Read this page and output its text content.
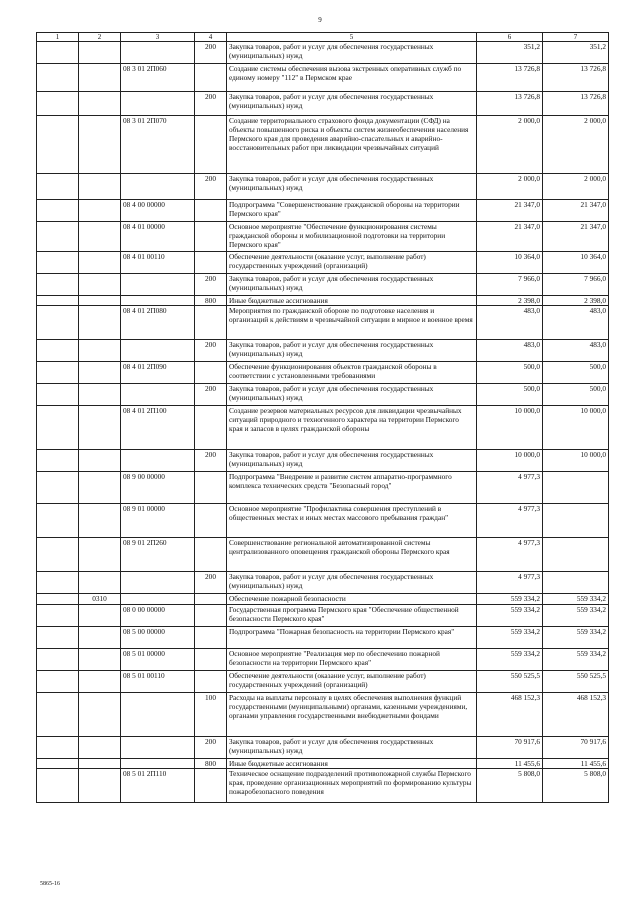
9
1	2	3	4	5	6	7
			200	Закупка товаров, работ и услуг для обеспечения государственных (муниципальных) нужд	351,2	351,2
		08 3 01 2П060		Создание системы обеспечения вызова экстренных оперативных служб по единому номеру "112" в Пермском крае	13 726,8	13 726,8
			200	Закупка товаров, работ и услуг для обеспечения государственных (муниципальных) нужд	13 726,8	13 726,8
		08 3 01 2П070		Создание территориального страхового фонда документации (СФД) на объекты повышенного риска и объекты систем жизнеобеспечения населения Пермского края для проведения аварийно-спасательных и аварийно-восстановительных работ при ликвидации чрезвычайных ситуаций	2 000,0	2 000,0
			200	Закупка товаров, работ и услуг для обеспечения государственных (муниципальных) нужд	2 000,0	2 000,0
		08 4 00 00000		Подпрограмма "Совершенствование гражданской обороны на территории Пермского края"	21 347,0	21 347,0
		08 4 01 00000		Основное мероприятие "Обеспечение функционирования системы гражданской обороны и мобилизационной подготовки на территории Пермского края"	21 347,0	21 347,0
		08 4 01 00110		Обеспечение деятельности (оказание услуг, выполнение работ) государственных учреждений (организаций)	10 364,0	10 364,0
			200	Закупка товаров, работ и услуг для обеспечения государственных (муниципальных) нужд	7 966,0	7 966,0
			800	Иные бюджетные ассигнования	2 398,0	2 398,0
		08 4 01 2П080		Мероприятия по гражданской обороне по подготовке населения и организаций к действиям в чрезвычайной ситуации в мирное и военное время	483,0	483,0
			200	Закупка товаров, работ и услуг для обеспечения государственных (муниципальных) нужд	483,0	483,0
		08 4 01 2П090		Обеспечение функционирования объектов гражданской обороны в соответствии с установленными требованиями	500,0	500,0
			200	Закупка товаров, работ и услуг для обеспечения государственных (муниципальных) нужд	500,0	500,0
		08 4 01 2П100		Создание резервов материальных ресурсов для ликвидации чрезвычайных ситуаций природного и техногенного характера на территории Пермского края и запасов в целях гражданской обороны	10 000,0	10 000,0
			200	Закупка товаров, работ и услуг для обеспечения государственных (муниципальных) нужд	10 000,0	10 000,0
		08 9 00 00000		Подпрограмма "Внедрение и развитие систем аппаратно-программного комплекса технических средств "Безопасный город"	4 977,3	
		08 9 01 00000		Основное мероприятие "Профилактика совершения преступлений в общественных местах и иных местах массового пребывания граждан"	4 977,3	
		08 9 01 2П260		Совершенствование региональной автоматизированной системы централизованного оповещения гражданской обороны Пермского края	4 977,3	
			200	Закупка товаров, работ и услуг для обеспечения государственных (муниципальных) нужд	4 977,3	
	0310			Обеспечение пожарной безопасности	559 334,2	559 334,2
		08 0 00 00000		Государственная программа Пермского края "Обеспечение общественной безопасности Пермского края"	559 334,2	559 334,2
		08 5 00 00000		Подпрограмма "Пожарная безопасность на территории Пермского края"	559 334,2	559 334,2
		08 5 01 00000		Основное мероприятие "Реализация мер по обеспечению пожарной безопасности на территории Пермского края"	559 334,2	559 334,2
		08 5 01 00110		Обеспечение деятельности (оказание услуг, выполнение работ) государственных учреждений (организаций)	550 525,5	550 525,5
			100	Расходы на выплаты персоналу в целях обеспечения выполнения функций государственными (муниципальными) органами, казенными учреждениями, органами управления государственными внебюджетными фондами	468 152,3	468 152,3
			200	Закупка товаров, работ и услуг для обеспечения государственных (муниципальных) нужд	70 917,6	70 917,6
			800	Иные бюджетные ассигнования	11 455,6	11 455,6
		08 5 01 2П110		Техническое оснащение подразделений противопожарной службы Пермского края, проведение организационных мероприятий по формированию культуры пожаробезопасного поведения	5 808,0	5 808,0
5865-16
